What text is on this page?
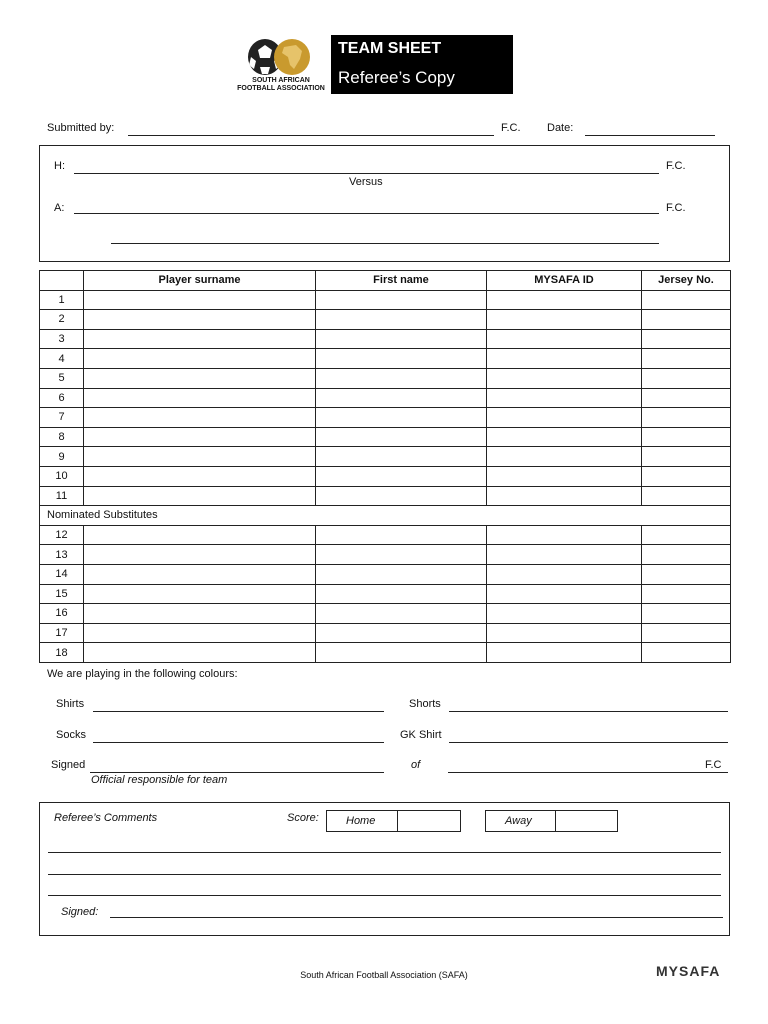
SOUTH AFRICAN FOOTBALL ASSOCIATION
TEAM SHEET
Referee’s Copy
Submitted by:	F.C. Date:
H:	F.C.
Versus
A:	F.C.
	Player surname	First name	MYSAFA ID	Jersey No.
1				
2				
3				
4				
5				
6				
7				
8				
9				
10				
11				
Nominated Substitutes				
12				
13				
14				
15				
16				
17				
18				
We are playing in the following colours:
Shirts	Shorts
Socks	GK Shirt
Signed	of	F.C
Official responsible for team
Referee’s Comments	Score: Home	Away
Signed:
South African Football Association (SAFA)	MYSAFA
